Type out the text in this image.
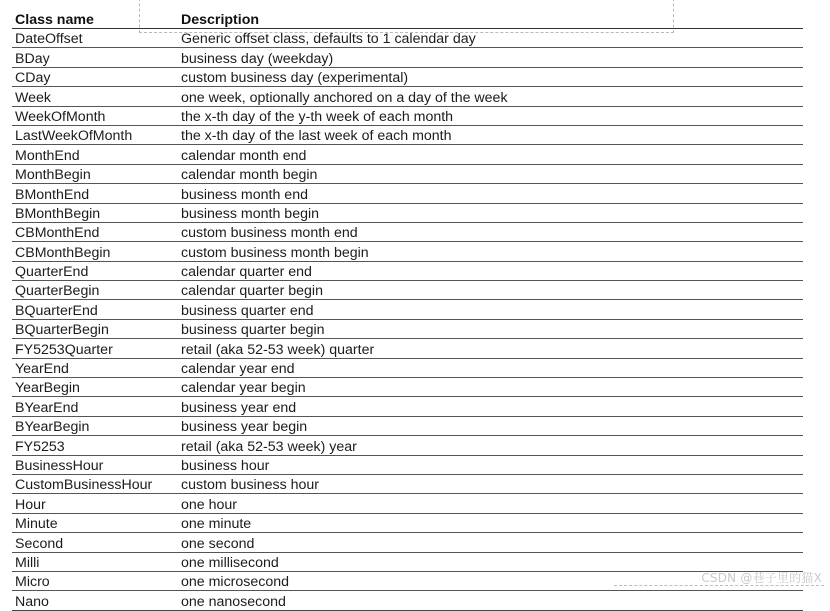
Class name	Description
DateOffset	Generic offset class, defaults to 1 calendar day
BDay	business day (weekday)
CDay	custom business day (experimental)
Week	one week, optionally anchored on a day of the week
WeekOfMonth	the x-th day of the y-th week of each month
LastWeekOfMonth	the x-th day of the last week of each month
MonthEnd	calendar month end
MonthBegin	calendar month begin
BMonthEnd	business month end
BMonthBegin	business month begin
CBMonthEnd	custom business month end
CBMonthBegin	custom business month begin
QuarterEnd	calendar quarter end
QuarterBegin	calendar quarter begin
BQuarterEnd	business quarter end
BQuarterBegin	business quarter begin
FY5253Quarter	retail (aka 52-53 week) quarter
YearEnd	calendar year end
YearBegin	calendar year begin
BYearEnd	business year end
BYearBegin	business year begin
FY5253	retail (aka 52-53 week) year
BusinessHour	business hour
CustomBusinessHour	custom business hour
Hour	one hour
Minute	one minute
Second	one second
Milli	one millisecond
Micro	one microsecond
Nano	one nanosecond
CSDN @巷子里的猫X
